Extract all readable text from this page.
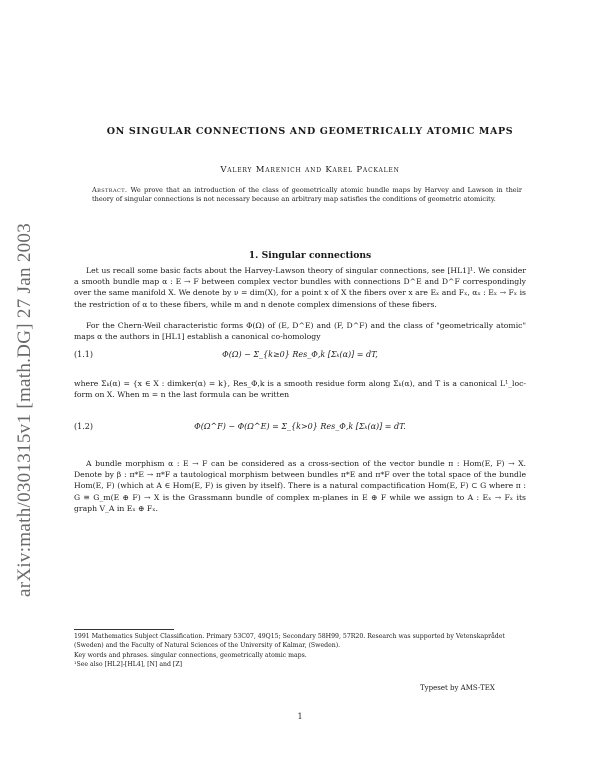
arXiv:math/0301315v1 [math.DG] 27 Jan 2003
ON SINGULAR CONNECTIONS AND GEOMETRICALLY ATOMIC MAPS
Valery Marenich and Karel Packalen
Abstract. We prove that an introduction of the class of geometrically atomic bundle maps by Harvey and Lawson in their theory of singular connections is not necessary because an arbitrary map satisfies the conditions of geometric atomicity.
1. Singular connections
Let us recall some basic facts about the Harvey-Lawson theory of singular connections, see [HL1]¹. We consider a smooth bundle map α : E → F between complex vector bundles with connections D^E and D^F correspondingly over the same manifold X. We denote by ν = dim(X), for a point x of X the fibers over x are Eₓ and Fₓ, αₓ : Eₓ → Fₓ is the restriction of α to these fibers, while m and n denote complex dimensions of these fibers.
For the Chern-Weil characteristic forms Φ(Ω) of (E, D^E) and (F, D^F) and the class of "geometrically atomic" maps α the authors in [HL1] establish a canonical co-homology
(1.1)	Φ(Ω) − Σ_{k≥0} Res_Φ,k [Σₖ(α)] = dT,
where Σₖ(α) = {x ∈ X : dimker(α) = k}, Res_Φ,k is a smooth residue form along Σₖ(α), and T is a canonical L¹_loc-form on X. When m = n the last formula can be written
(1.2)	Φ(Ω^F) − Φ(Ω^E) = Σ_{k>0} Res_Φ,k [Σₖ(α)] = dT.
A bundle morphism α : E → F can be considered as a cross-section of the vector bundle π : Hom(E, F) → X. Denote by β : π*E → π*F a tautological morphism between bundles π*E and π*F over the total space of the bundle Hom(E, F) (which at A ∈ Hom(E, F) is given by itself). There is a natural compactification Hom(E, F) ⊂ G where π : G ≡ G_m(E ⊕ F) → X is the Grassmann bundle of complex m-planes in E ⊕ F while we assign to A : Eₓ → Fₓ its graph V_A in Eₓ ⊕ Fₓ.
1991 Mathematics Subject Classification. Primary 53C07, 49Q15; Secondary 58H99, 57R20. Research was supported by Vetenskaprådet (Sweden) and the Faculty of Natural Sciences of the University of Kalmar, (Sweden).
Key words and phrases. singular connections, geometrically atomic maps.
¹See also [HL2]-[HL4], [N] and [Z]
Typeset by AMS-TEX
1
